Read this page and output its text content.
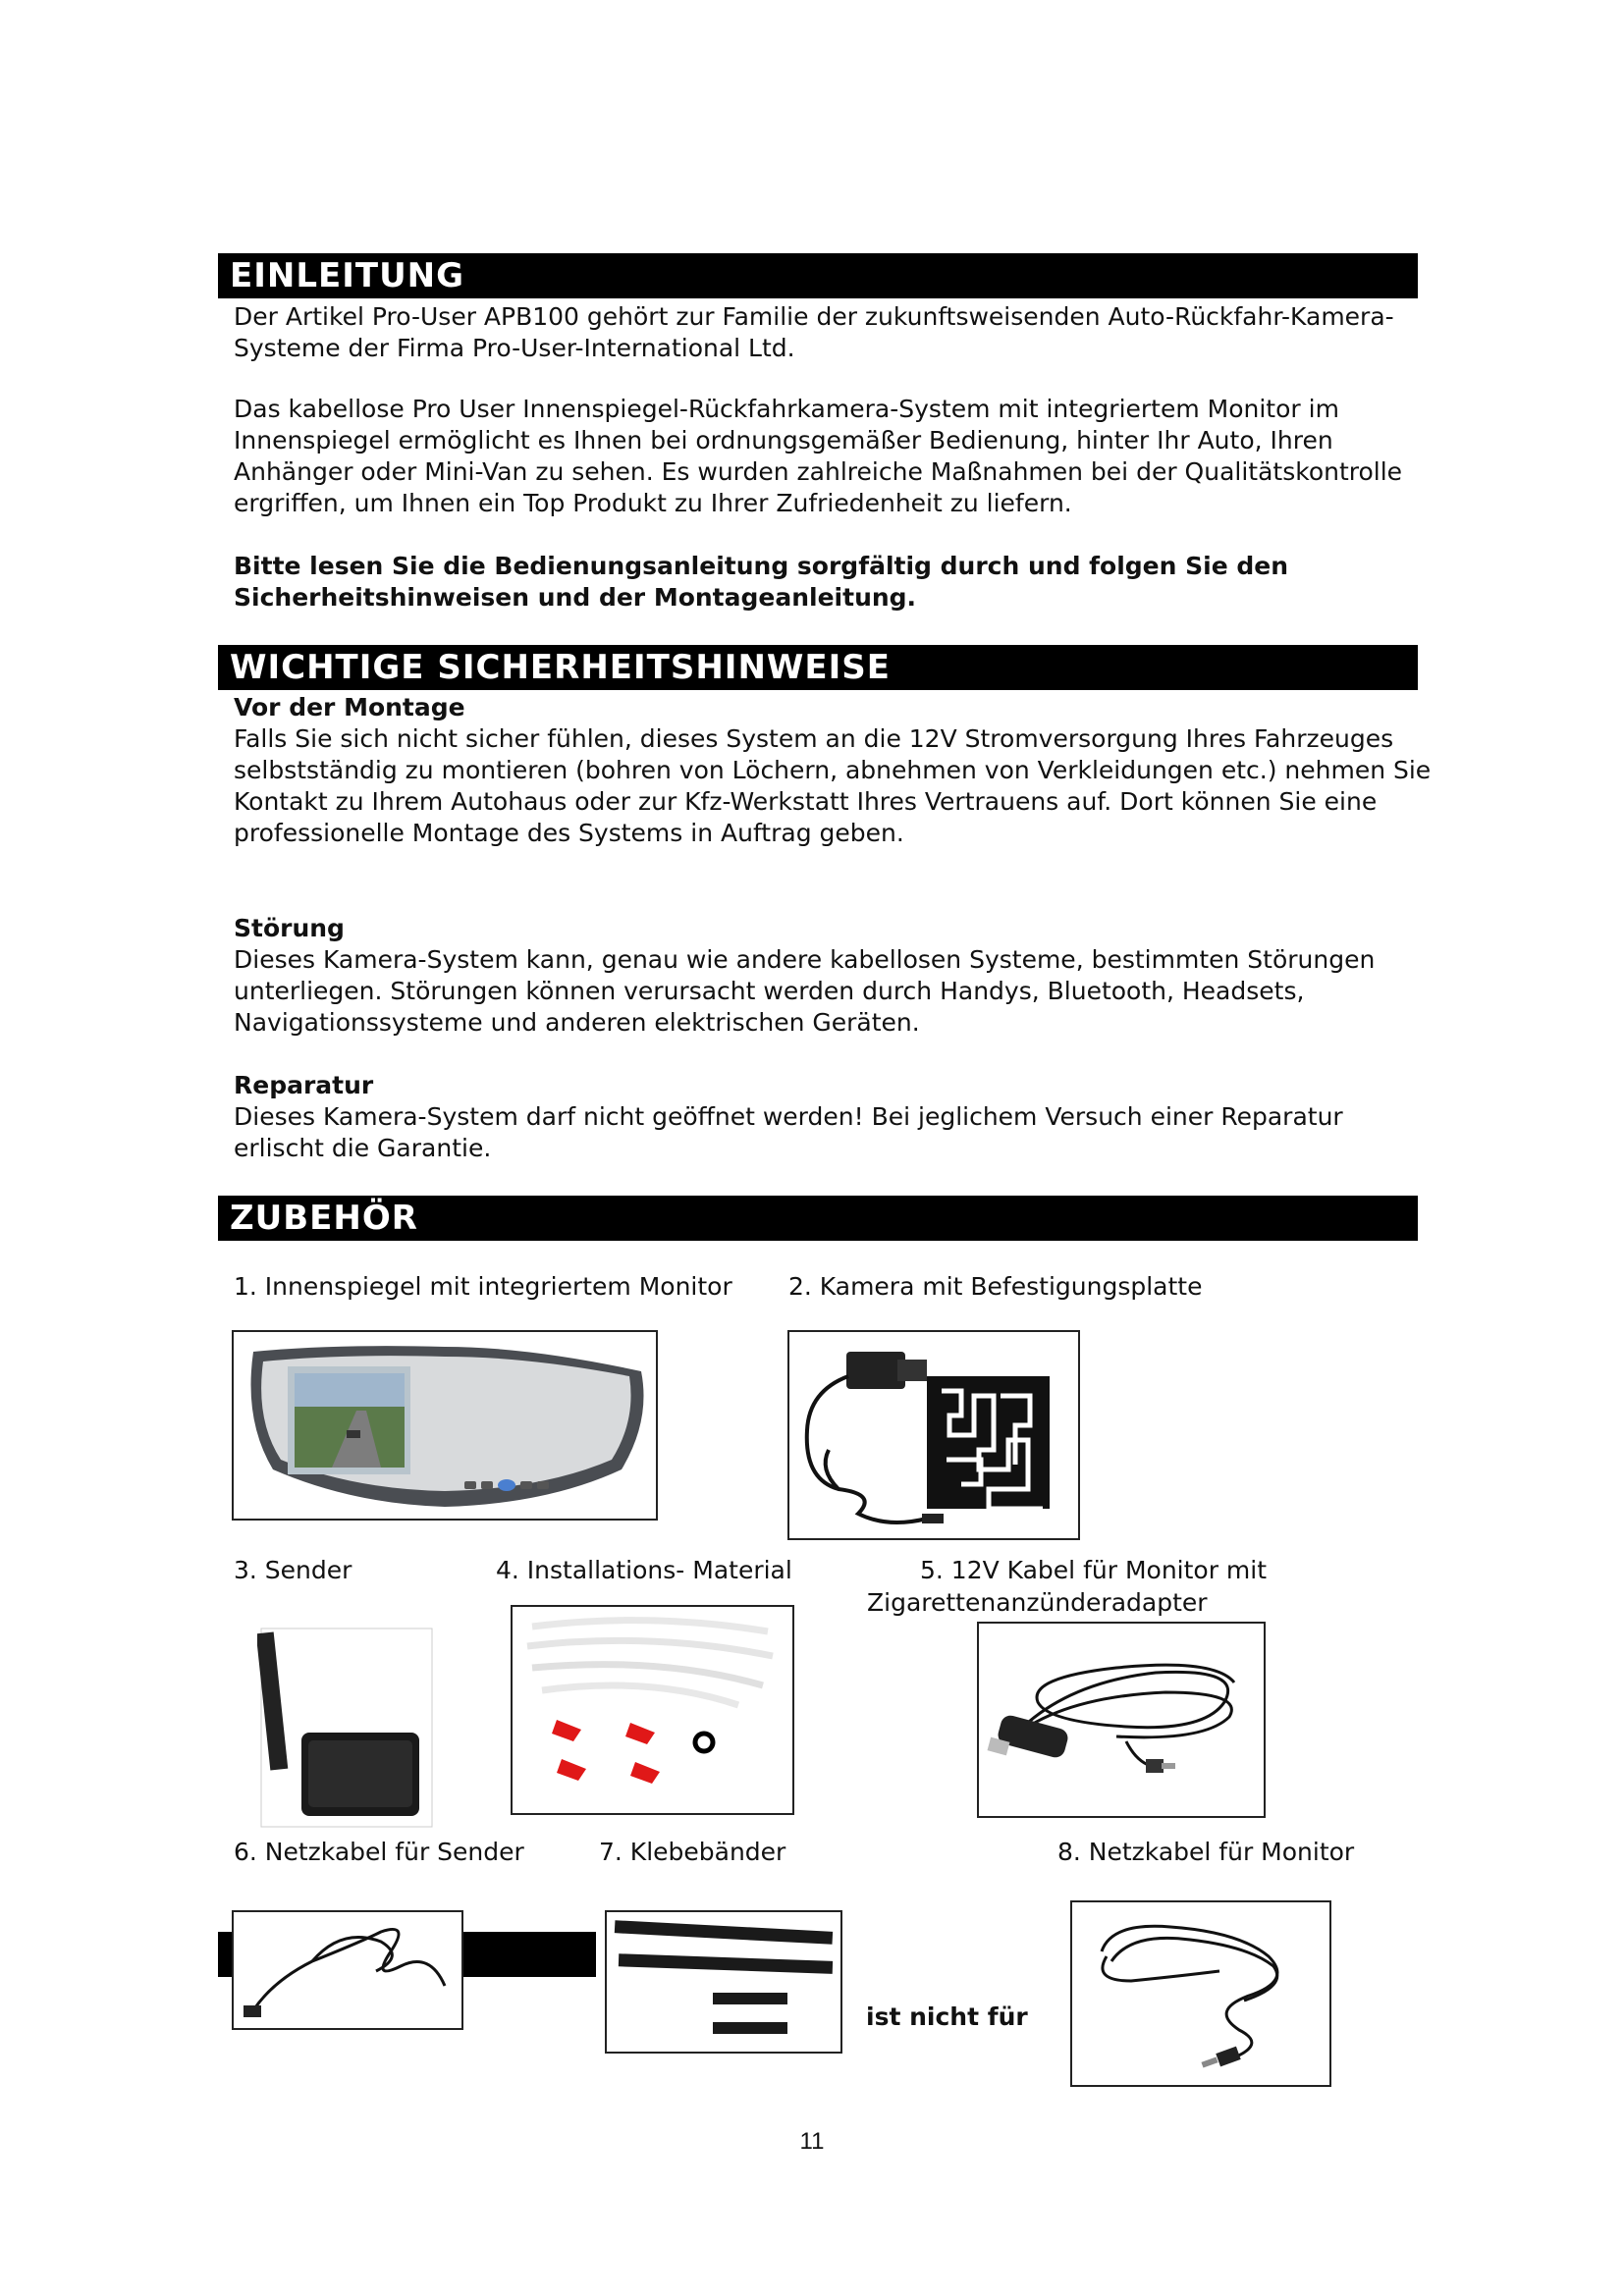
EINLEITUNG

Der Artikel Pro-User APB100 gehört zur Familie der zukunftsweisenden Auto-Rückfahr-Kamera-Systeme der Firma Pro-User-International Ltd.

Das kabellose Pro User Innenspiegel-Rückfahrkamera-System mit integriertem Monitor im Innenspiegel ermöglicht es Ihnen bei ordnungsgemäßer Bedienung, hinter Ihr Auto, Ihren Anhänger oder Mini-Van zu sehen. Es wurden zahlreiche Maßnahmen bei der Qualitätskontrolle ergriffen, um Ihnen ein Top Produkt zu Ihrer Zufriedenheit zu liefern.

Bitte lesen Sie die Bedienungsanleitung sorgfältig durch und folgen Sie den Sicherheitshinweisen und der Montageanleitung.

WICHTIGE SICHERHEITSHINWEISE

Vor der Montage

Falls Sie sich nicht sicher fühlen, dieses System an die 12V Stromversorgung Ihres Fahrzeuges selbstständig zu montieren (bohren von Löchern, abnehmen von Verkleidungen etc.) nehmen Sie Kontakt zu Ihrem Autohaus oder zur Kfz-Werkstatt Ihres Vertrauens auf. Dort können Sie eine professionelle Montage des Systems in Auftrag geben.

Störung

Dieses Kamera-System kann, genau wie andere kabellosen Systeme, bestimmten Störungen unterliegen. Störungen können verursacht werden durch Handys, Bluetooth, Headsets, Navigationssysteme und anderen elektrischen Geräten.

Reparatur

Dieses Kamera-System darf nicht geöffnet werden! Bei jeglichem Versuch einer Reparatur erlischt die Garantie.

ZUBEHÖR
1. Innenspiegel mit integriertem Monitor 2. Kamera mit Befestigungsplatte
3. Sender	4. Installations- Material	5. 12V Kabel für Monitor mit
Zigarettenanzünderadapter
6. Netzkabel für Sender	7. Klebebänder	8. Netzkabel für Monitor
ist nicht für
11
